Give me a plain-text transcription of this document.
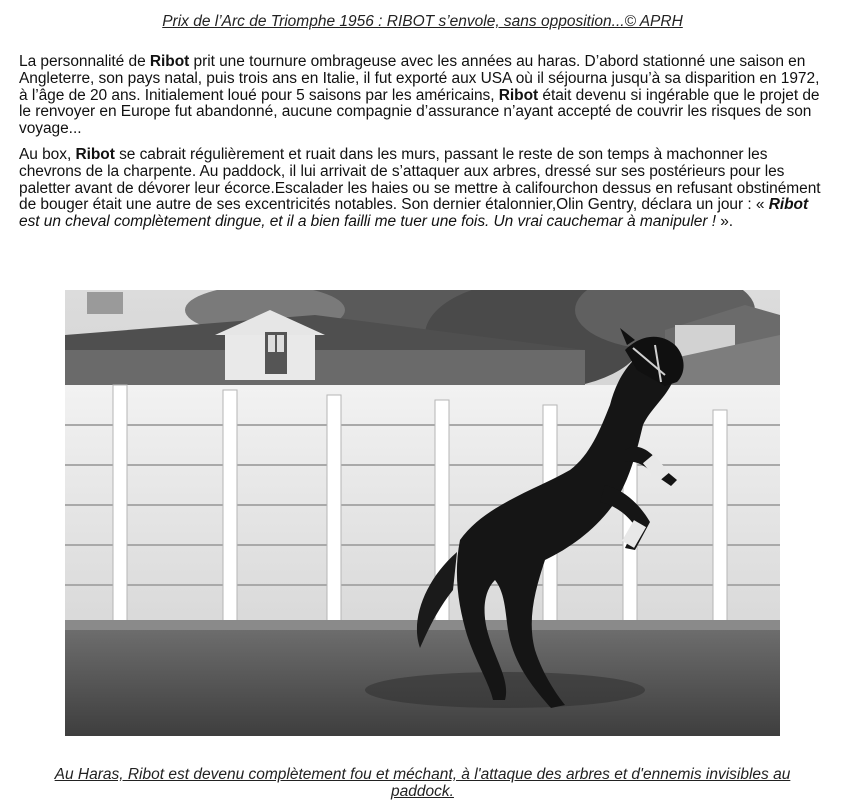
Prix de l’Arc de Triomphe 1956 : RIBOT s’envole, sans opposition...© APRH

La personnalité de Ribot prit une tournure ombrageuse avec les années au haras. D’abord stationné une saison en Angleterre, son pays natal, puis trois ans en Italie, il fut exporté aux USA où il séjourna jusqu’à sa disparition en 1972, à l’âge de 20 ans. Initialement loué pour 5 saisons par les américains, Ribot était devenu si ingérable que le projet de le renvoyer en Europe fut abandonné, aucune compagnie d’assurance n’ayant accepté de couvrir les risques de son voyage...

Au box, Ribot se cabrait régulièrement et ruait dans les murs, passant le reste de son temps à machonner les chevrons de la charpente. Au paddock, il lui arrivait de s’attaquer aux arbres, dressé sur ses postérieurs pour les paletter avant de dévorer leur écorce.Escalader les haies ou se mettre à califourchon dessus en refusant obstinément de bouger était une autre de ses excentricités notables. Son dernier étalonnier,Olin Gentry, déclara un jour : « Ribot est un cheval complètement dingue, et il a bien failli me tuer une fois. Un vrai cauchemar à manipuler ! ».

Au Haras, Ribot est devenu complètement fou et méchant, à l'attaque des arbres et d'ennemis invisibles au paddock.
